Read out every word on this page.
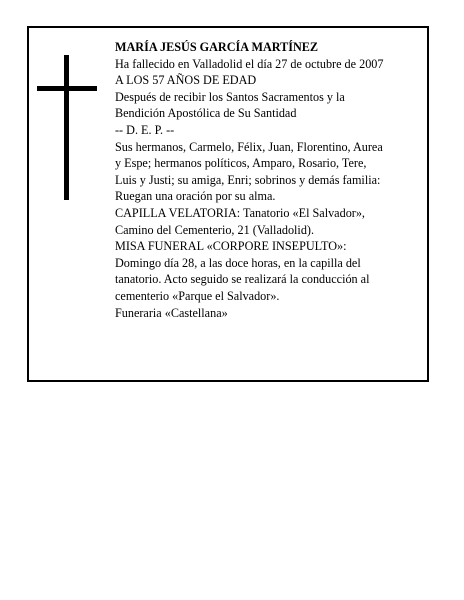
MARÍA JESÚS GARCÍA MARTÍNEZ
Ha fallecido en Valladolid el día 27 de octubre de 2007
A LOS 57 AÑOS DE EDAD
Después de recibir los Santos Sacramentos y la
Bendición Apostólica de Su Santidad
-- D. E. P. --
Sus hermanos, Carmelo, Félix, Juan, Florentino, Aurea
y Espe; hermanos políticos, Amparo, Rosario, Tere,
Luis y Justi; su amiga, Enri; sobrinos y demás familia:
Ruegan una oración por su alma.
CAPILLA VELATORIA: Tanatorio «El Salvador»,
Camino del Cementerio, 21 (Valladolid).
MISA FUNERAL «CORPORE INSEPULTO»:
Domingo día 28, a las doce horas, en la capilla del
tanatorio. Acto seguido se realizará la conducción al
cementerio «Parque el Salvador».
Funeraria «Castellana»
